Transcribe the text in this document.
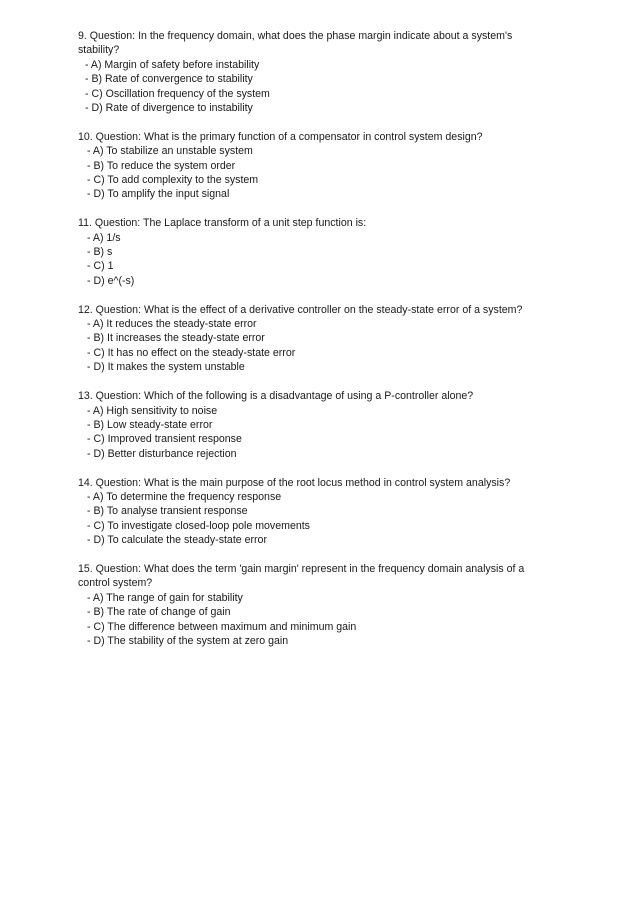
9. Question: In the frequency domain, what does the phase margin indicate about a system's stability?

- A) Margin of safety before instability
- B) Rate of convergence to stability
- C) Oscillation frequency of the system
- D) Rate of divergence to instability

10. Question: What is the primary function of a compensator in control system design?

- A) To stabilize an unstable system
- B) To reduce the system order
- C) To add complexity to the system
- D) To amplify the input signal

11. Question: The Laplace transform of a unit step function is:

- A) 1/s
- B) s
- C) 1
- D) e^(-s)

12. Question: What is the effect of a derivative controller on the steady-state error of a system?

- A) It reduces the steady-state error
- B) It increases the steady-state error
- C) It has no effect on the steady-state error
- D) It makes the system unstable

13. Question: Which of the following is a disadvantage of using a P-controller alone?

- A) High sensitivity to noise
- B) Low steady-state error
- C) Improved transient response
- D) Better disturbance rejection

14. Question: What is the main purpose of the root locus method in control system analysis?

- A) To determine the frequency response
- B) To analyse transient response
- C) To investigate closed-loop pole movements
- D) To calculate the steady-state error

15. Question: What does the term 'gain margin' represent in the frequency domain analysis of a control system?

- A) The range of gain for stability
- B) The rate of change of gain
- C) The difference between maximum and minimum gain
- D) The stability of the system at zero gain
